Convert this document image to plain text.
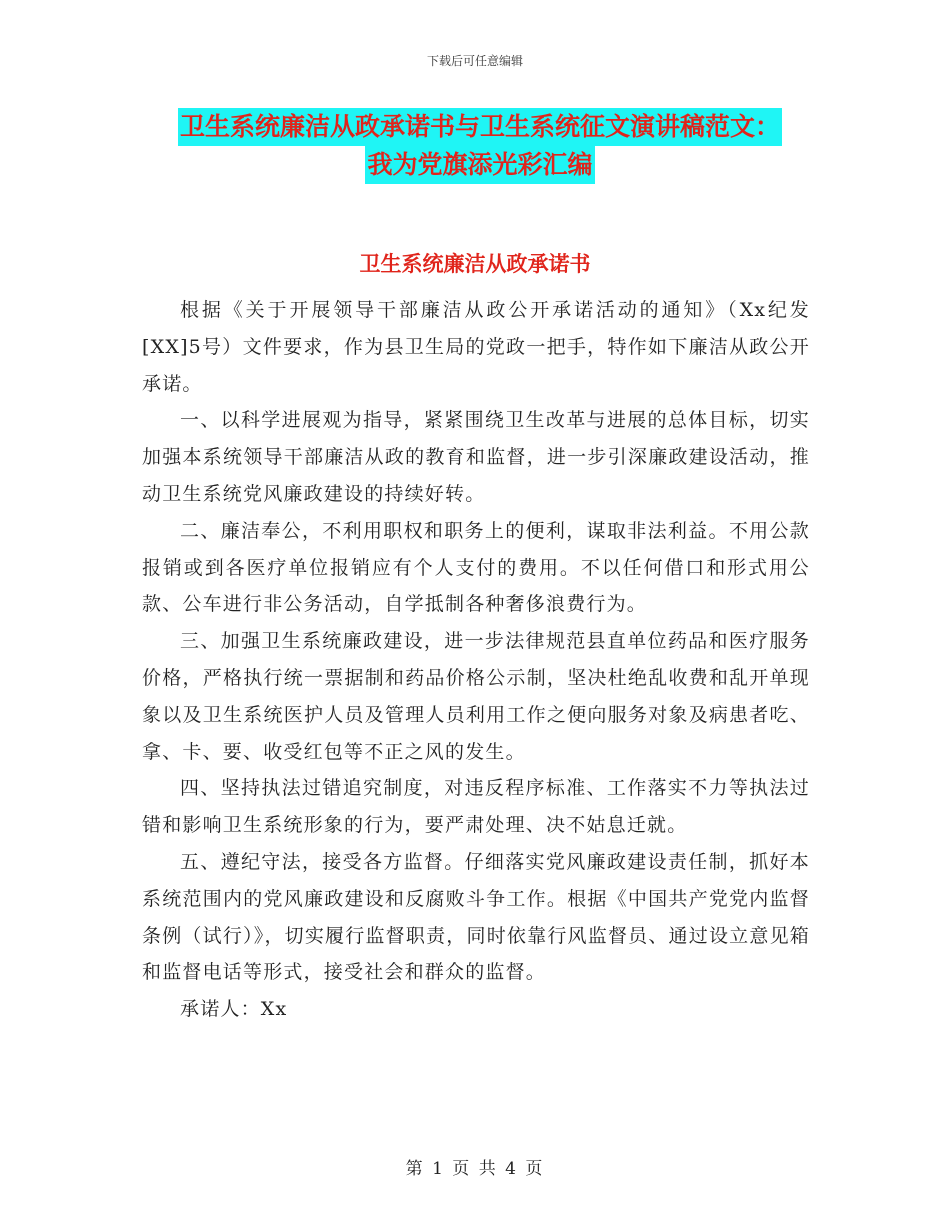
下载后可任意编辑
卫生系统廉洁从政承诺书与卫生系统征文演讲稿范文：
我为党旗添光彩汇编
卫生系统廉洁从政承诺书

根据《关于开展领导干部廉洁从政公开承诺活动的通知》（Xx纪发[XX]5号）文件要求，作为县卫生局的党政一把手，特作如下廉洁从政公开承诺。

一、以科学进展观为指导，紧紧围绕卫生改革与进展的总体目标，切实加强本系统领导干部廉洁从政的教育和监督，进一步引深廉政建设活动，推动卫生系统党风廉政建设的持续好转。

二、廉洁奉公，不利用职权和职务上的便利，谋取非法利益。不用公款报销或到各医疗单位报销应有个人支付的费用。不以任何借口和形式用公款、公车进行非公务活动，自学抵制各种奢侈浪费行为。

三、加强卫生系统廉政建设，进一步法律规范县直单位药品和医疗服务价格，严格执行统一票据制和药品价格公示制，坚决杜绝乱收费和乱开单现象以及卫生系统医护人员及管理人员利用工作之便向服务对象及病患者吃、拿、卡、要、收受红包等不正之风的发生。

四、坚持执法过错追究制度，对违反程序标准、工作落实不力等执法过错和影响卫生系统形象的行为，要严肃处理、决不姑息迁就。

五、遵纪守法，接受各方监督。仔细落实党风廉政建设责任制，抓好本系统范围内的党风廉政建设和反腐败斗争工作。根据《中国共产党党内监督条例（试行）》，切实履行监督职责，同时依靠行风监督员、通过设立意见箱和监督电话等形式，接受社会和群众的监督。

承诺人：Xx

第 1 页 共 4 页
